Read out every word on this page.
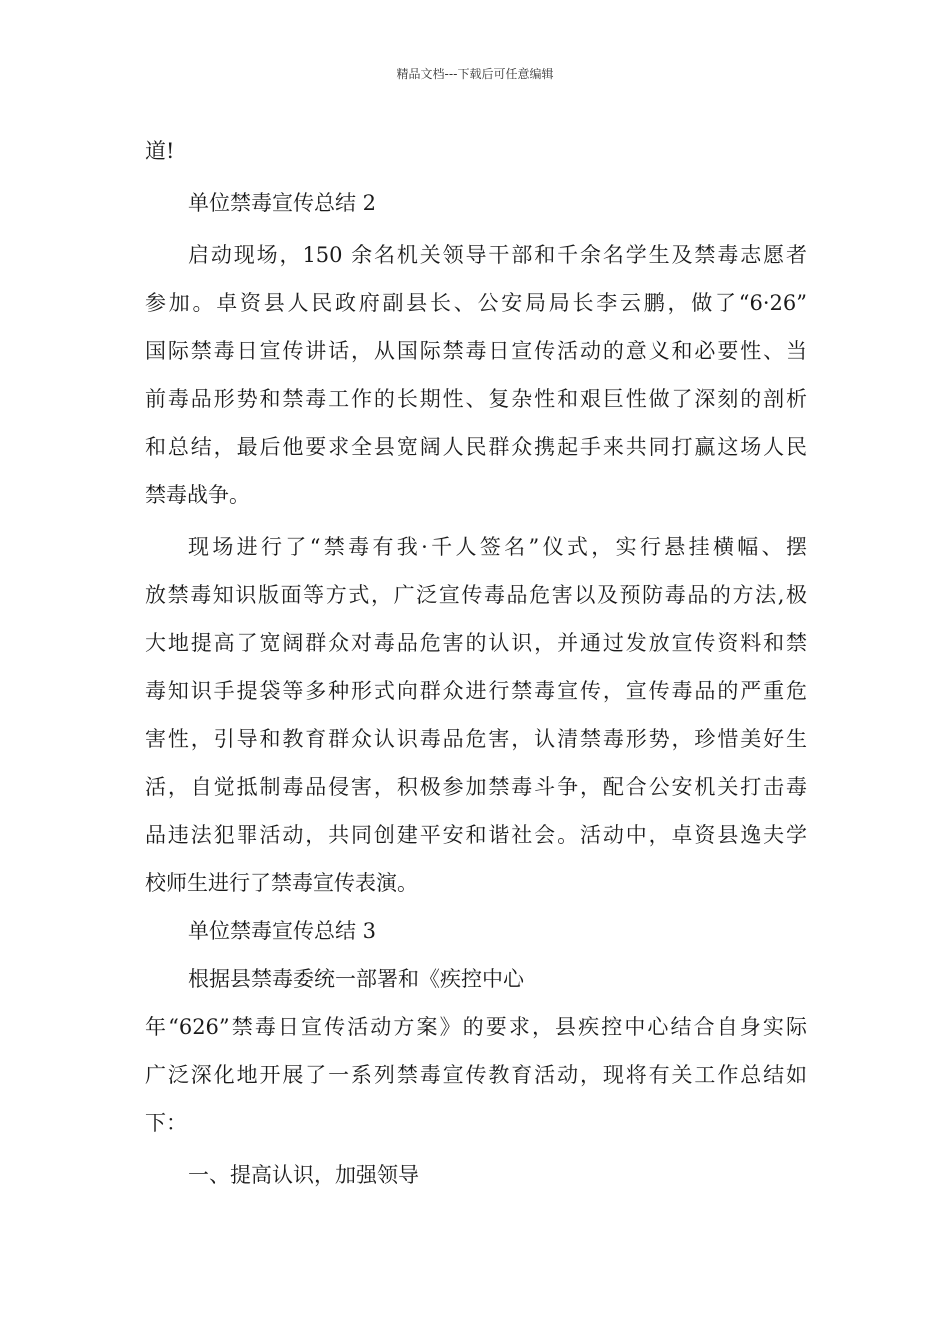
精品文档---下载后可任意编辑
道!
单位禁毒宣传总结 2
启动现场，150 余名机关领导干部和千余名学生及禁毒志愿者
参加。卓资县人民政府副县长、公安局局长李云鹏，做了“6·26”
国际禁毒日宣传讲话，从国际禁毒日宣传活动的意义和必要性、当
前毒品形势和禁毒工作的长期性、复杂性和艰巨性做了深刻的剖析
和总结，最后他要求全县宽阔人民群众携起手来共同打赢这场人民
禁毒战争。
现场进行了“禁毒有我·千人签名”仪式，实行悬挂横幅、摆
放禁毒知识版面等方式，广泛宣传毒品危害以及预防毒品的方法,极
大地提高了宽阔群众对毒品危害的认识，并通过发放宣传资料和禁
毒知识手提袋等多种形式向群众进行禁毒宣传，宣传毒品的严重危
害性，引导和教育群众认识毒品危害，认清禁毒形势，珍惜美好生
活，自觉抵制毒品侵害，积极参加禁毒斗争，配合公安机关打击毒
品违法犯罪活动，共同创建平安和谐社会。活动中，卓资县逸夫学
校师生进行了禁毒宣传表演。
单位禁毒宣传总结 3
根据县禁毒委统一部署和《疾控中心
年“626”禁毒日宣传活动方案》的要求，县疾控中心结合自身实际
广泛深化地开展了一系列禁毒宣传教育活动，现将有关工作总结如
下：
一、提高认识，加强领导
